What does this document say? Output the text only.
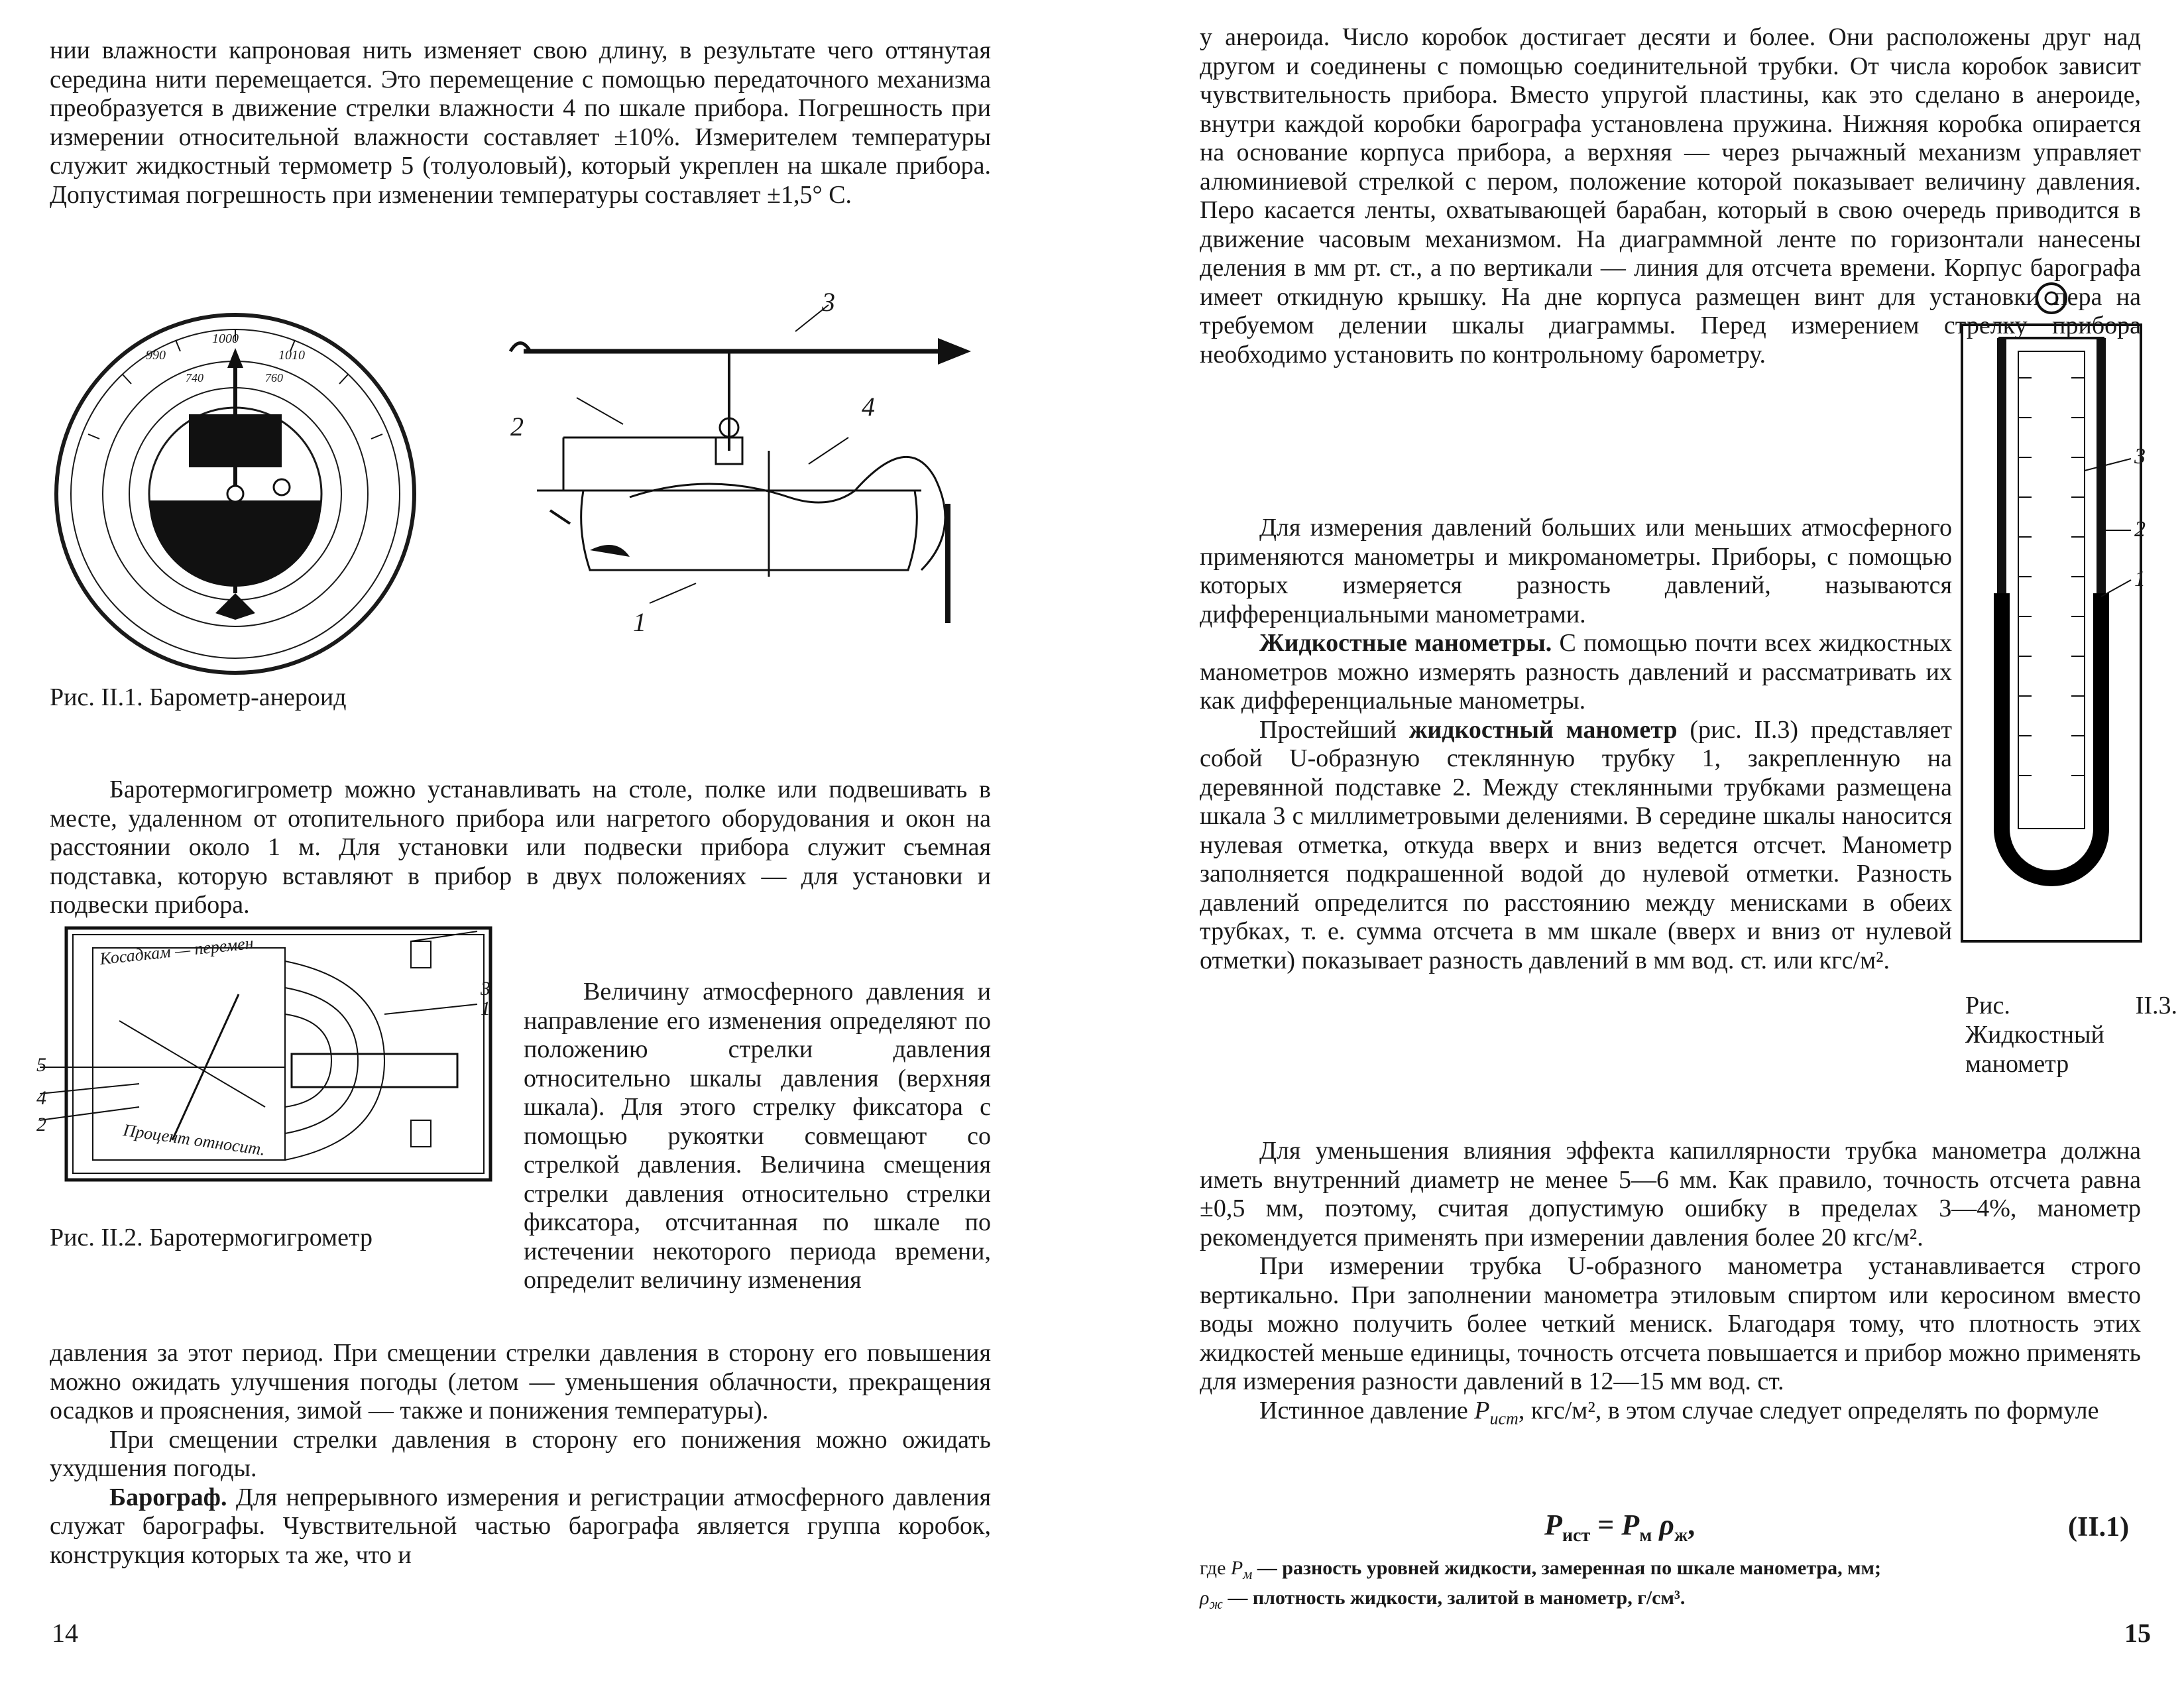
нии влажности капроновая нить изменяет свою длину, в результате чего оттянутая середина нити перемещается. Это перемещение с помощью передаточного механизма преобразуется в движение стрелки влажности 4 по шкале прибора. Погрешность при измерении относительной влажности составляет ±10%. Измерителем температуры служит жидкостный термометр 5 (толуоловый), который укреплен на шкале прибора. Допустимая погрешность при изменении температуры составляет ±1,5° С.

1000
990	1010
740	760
3
2
4
1

Рис. II.1. Барометр-анероид

Баротермогигрометр можно устанавливать на столе, полке или подвешивать в месте, удаленном от отопительного прибора или нагретого оборудования и окон на расстоянии около 1 м. Для установки или подвески прибора служит съемная подставка, которую вставляют в прибор в двух положениях — для установки и подвески прибора.

Косадкам — перемен
Процент относит.
3
1
5
4
2

Величину атмосферного давления и направление его изменения определяют по положению стрелки давления относительно шкалы давления (верхняя шкала). Для этого стрелку фиксатора с помощью рукоятки совмещают со стрелкой давления. Величина смещения стрелки давления относительно стрелки фиксатора, отсчитанная по шкале по истечении некоторого периода времени, определит величину изменения

Рис. II.2. Баротермогигрометр

давления за этот период. При смещении стрелки давления в сторону его повышения можно ожидать улучшения погоды (летом — уменьшения облачности, прекращения осадков и прояснения, зимой — также и понижения температуры).

При смещении стрелки давления в сторону его понижения можно ожидать ухудшения погоды.

Барограф. Для непрерывного измерения и регистрации атмосферного давления служат барографы. Чувствительной частью барографа является группа коробок, конструкция которых та же, что и

14

у анероида. Число коробок достигает десяти и более. Они расположены друг над другом и соединены с помощью соединительной трубки. От числа коробок зависит чувствительность прибора. Вместо упругой пластины, как это сделано в анероиде, внутри каждой коробки барографа установлена пружина. Нижняя коробка опирается на основание корпуса прибора, а верхняя — через рычажный механизм управляет алюминиевой стрелкой с пером, положение которой показывает величину давления. Перо касается ленты, охватывающей барабан, который в свою очередь приводится в движение часовым механизмом. На диаграммной ленте по горизонтали нанесены деления в мм рт. ст., а по вертикали — линия для отсчета времени. Корпус барографа имеет откидную крышку. На дне корпуса размещен винт для установки пера на требуемом делении шкалы диаграммы. Перед измерением стрелку прибора необходимо установить по контрольному барометру.

3
2
1

Для измерения давлений больших или меньших атмосферного применяются манометры и микроманометры. Приборы, с помощью которых измеряется разность давлений, называются дифференциальными манометрами.

Жидкостные манометры. С помощью почти всех жидкостных манометров можно измерять разность давлений и рассматривать их как дифференциальные манометры.

Простейший жидкостный манометр (рис. II.3) представляет собой U-образную стеклянную трубку 1, закрепленную на деревянной подставке 2. Между стеклянными трубками размещена шкала 3 с миллиметровыми делениями. В середине шкалы наносится нулевая отметка, откуда вверх и вниз ведется отсчет. Манометр заполняется подкрашенной водой до нулевой отметки. Разность давлений определится по расстоянию между менисками в обеих трубках, т. е. сумма отсчета в мм шкале (вверх и вниз от нулевой отметки) показывает разность давлений в мм вод. ст. или кгс/м².

Рис. II.3. Жидкостный манометр

Для уменьшения влияния эффекта капиллярности трубка манометра должна иметь внутренний диаметр не менее 5—6 мм. Как правило, точность отсчета равна ±0,5 мм, поэтому, считая допустимую ошибку в пределах 3—4%, манометр рекомендуется применять при измерении давления более 20 кгс/м².

При измерении трубка U-образного манометра устанавливается строго вертикально. При заполнении манометра этиловым спиртом или керосином вместо воды можно получить более четкий мениск. Благодаря тому, что плотность этих жидкостей меньше единицы, точность отсчета повышается и прибор можно применять для измерения разности давлений в 12—15 мм вод. ст.

Истинное давление $P_{ист}$, кгс/м², в этом случае следует определять по формуле

$P_{ист} = P_м$ $\rho_ж$,	(II.1)

где $P_м$ — разность уровней жидкости, замеренная по шкале манометра, мм;

$\rho_ж$ — плотность жидкости, залитой в манометр, г/см³.

15
